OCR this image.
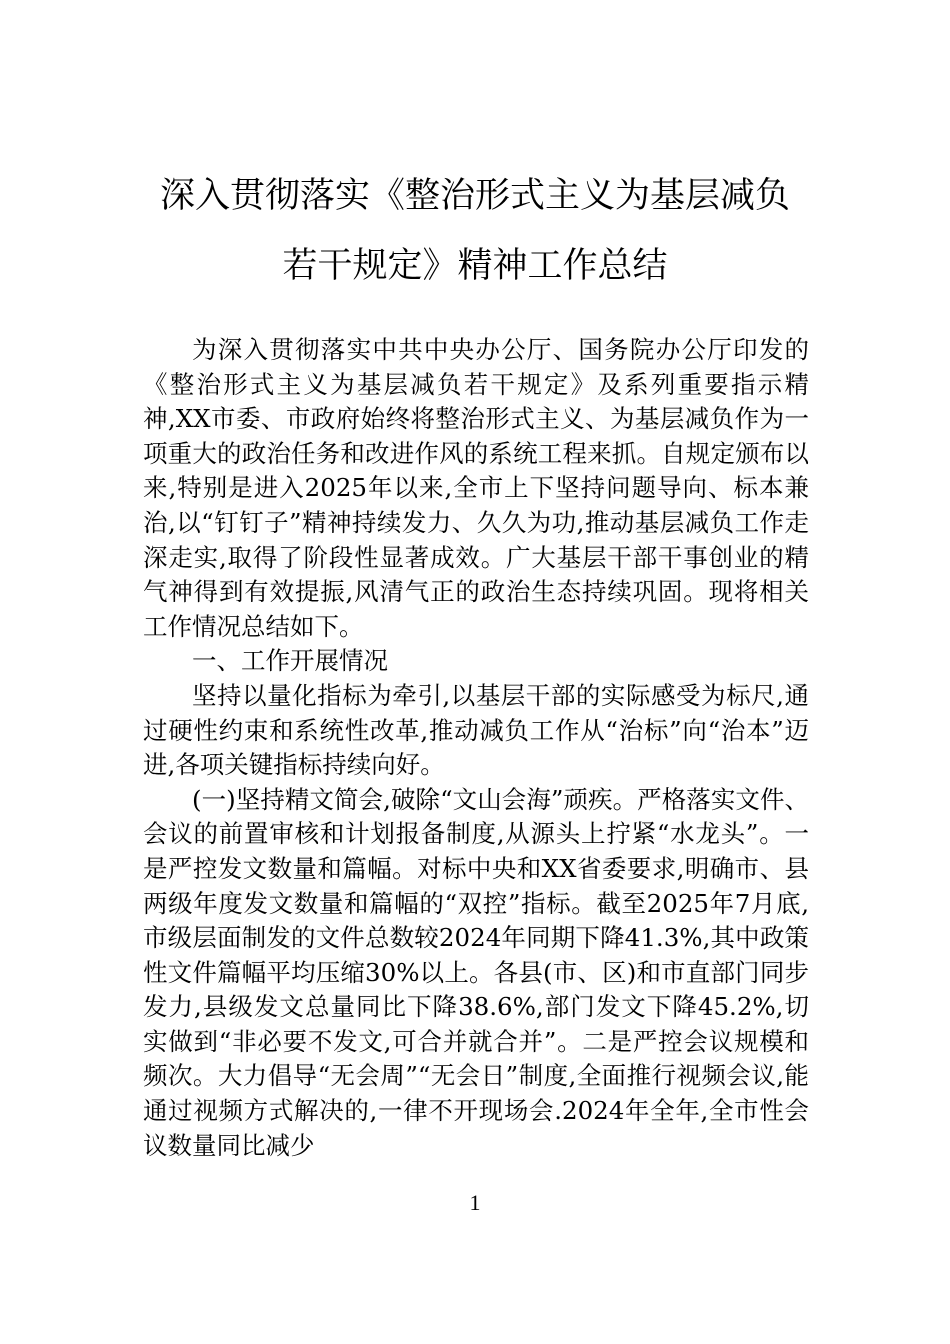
深入贯彻落实《整治形式主义为基层减负
若干规定》精神工作总结

为深入贯彻落实中共中央办公厅、国务院办公厅印发的《整治形式主义为基层减负若干规定》及系列重要指示精神,XX市委、市政府始终将整治形式主义、为基层减负作为一项重大的政治任务和改进作风的系统工程来抓。自规定颁布以来,特别是进入2025年以来,全市上下坚持问题导向、标本兼治,以“钉钉子”精神持续发力、久久为功,推动基层减负工作走深走实,取得了阶段性显著成效。广大基层干部干事创业的精气神得到有效提振,风清气正的政治生态持续巩固。现将相关工作情况总结如下。

一、工作开展情况

坚持以量化指标为牵引,以基层干部的实际感受为标尺,通过硬性约束和系统性改革,推动减负工作从“治标”向“治本”迈进,各项关键指标持续向好。

(一)坚持精文简会,破除“文山会海”顽疾。严格落实文件、会议的前置审核和计划报备制度,从源头上拧紧“水龙头”。一是严控发文数量和篇幅。对标中央和XX省委要求,明确市、县两级年度发文数量和篇幅的“双控”指标。截至2025年7月底,市级层面制发的文件总数较2024年同期下降41.3%,其中政策性文件篇幅平均压缩30%以上。各县(市、区)和市直部门同步发力,县级发文总量同比下降38.6%,部门发文下降45.2%,切实做到“非必要不发文,可合并就合并”。二是严控会议规模和频次。大力倡导“无会周”“无会日”制度,全面推行视频会议,能通过视频方式解决的,一律不开现场会.2024年全年,全市性会议数量同比减少

1
